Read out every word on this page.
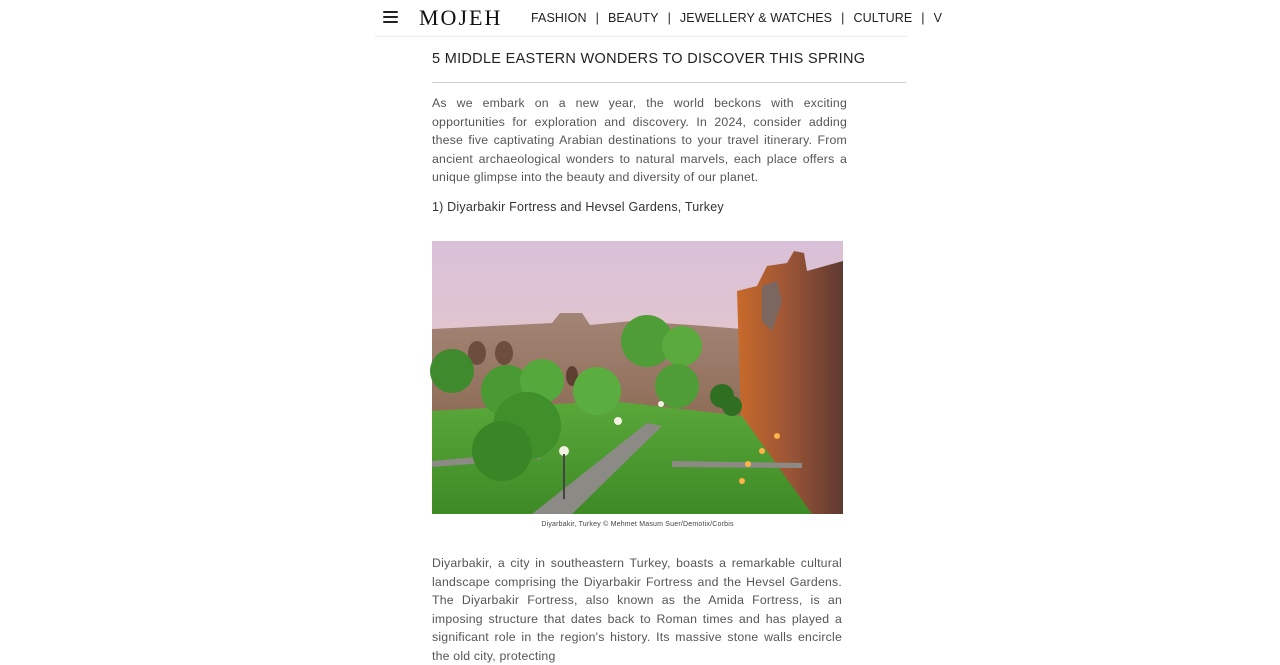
MOJEH FASHION | BEAUTY | JEWELLERY & WATCHES | CULTURE | V
5 MIDDLE EASTERN WONDERS TO DISCOVER THIS SPRING

As we embark on a new year, the world beckons with exciting opportunities for exploration and discovery. In 2024, consider adding these five captivating Arabian destinations to your travel itinerary. From ancient archaeological wonders to natural marvels, each place offers a unique glimpse into the beauty and diversity of our planet.

1) Diyarbakir Fortress and Hevsel Gardens, Turkey
Diyarbakir, Turkey © Mehmet Masum Suer/Demotix/Corbis

Diyarbakir, a city in southeastern Turkey, boasts a remarkable cultural landscape comprising the Diyarbakir Fortress and the Hevsel Gardens. The Diyarbakir Fortress, also known as the Amida Fortress, is an imposing structure that dates back to Roman times and has played a significant role in the region's history. Its massive stone walls encircle the old city, protecting
